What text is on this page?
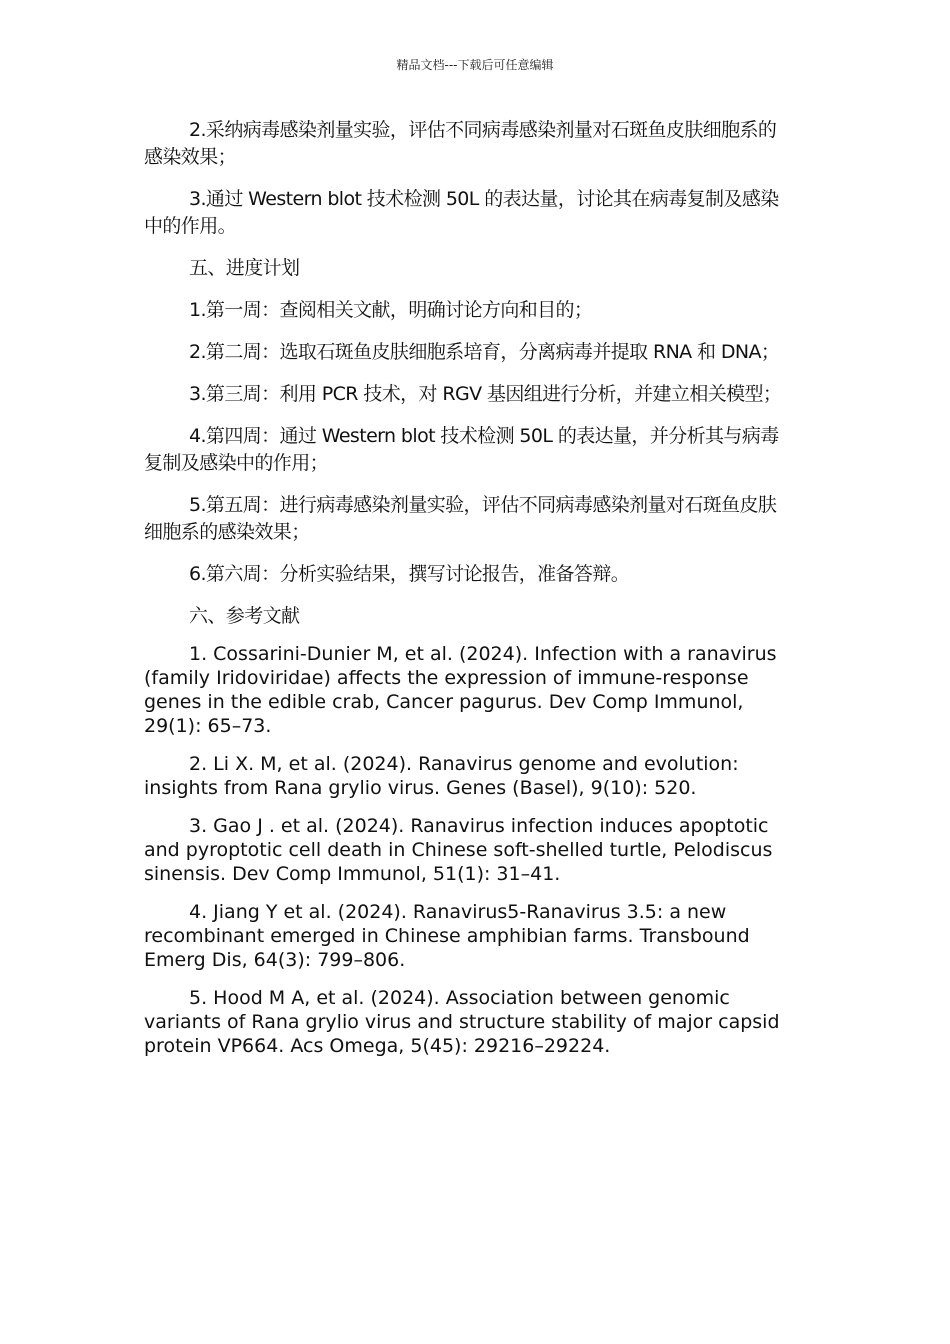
精品文档---下载后可任意编辑

2.采纳病毒感染剂量实验，评估不同病毒感染剂量对石斑鱼皮肤细胞系的感染效果；

3.通过 Western blot 技术检测 50L 的表达量，讨论其在病毒复制及感染中的作用。

五、进度计划

1.第一周：查阅相关文献，明确讨论方向和目的；

2.第二周：选取石斑鱼皮肤细胞系培育，分离病毒并提取 RNA 和 DNA；

3.第三周：利用 PCR 技术，对 RGV 基因组进行分析，并建立相关模型；

4.第四周：通过 Western blot 技术检测 50L 的表达量，并分析其与病毒复制及感染中的作用；

5.第五周：进行病毒感染剂量实验，评估不同病毒感染剂量对石斑鱼皮肤细胞系的感染效果；

6.第六周：分析实验结果，撰写讨论报告，准备答辩。

六、参考文献

1. Cossarini-Dunier M, et al. (2024). Infection with a ranavirus (family Iridoviridae) affects the expression of immune-response genes in the edible crab, Cancer pagurus. Dev Comp Immunol, 29(1): 65–73.

2. Li X. M, et al. (2024). Ranavirus genome and evolution: insights from Rana grylio virus. Genes (Basel), 9(10): 520.

3. Gao J . et al. (2024). Ranavirus infection induces apoptotic and pyroptotic cell death in Chinese soft-shelled turtle, Pelodiscus sinensis. Dev Comp Immunol, 51(1): 31–41.

4. Jiang Y et al. (2024). Ranavirus5-Ranavirus 3.5: a new recombinant emerged in Chinese amphibian farms. Transbound Emerg Dis, 64(3): 799–806.

5. Hood M A, et al. (2024). Association between genomic variants of Rana grylio virus and structure stability of major capsid protein VP664. Acs Omega, 5(45): 29216–29224.
